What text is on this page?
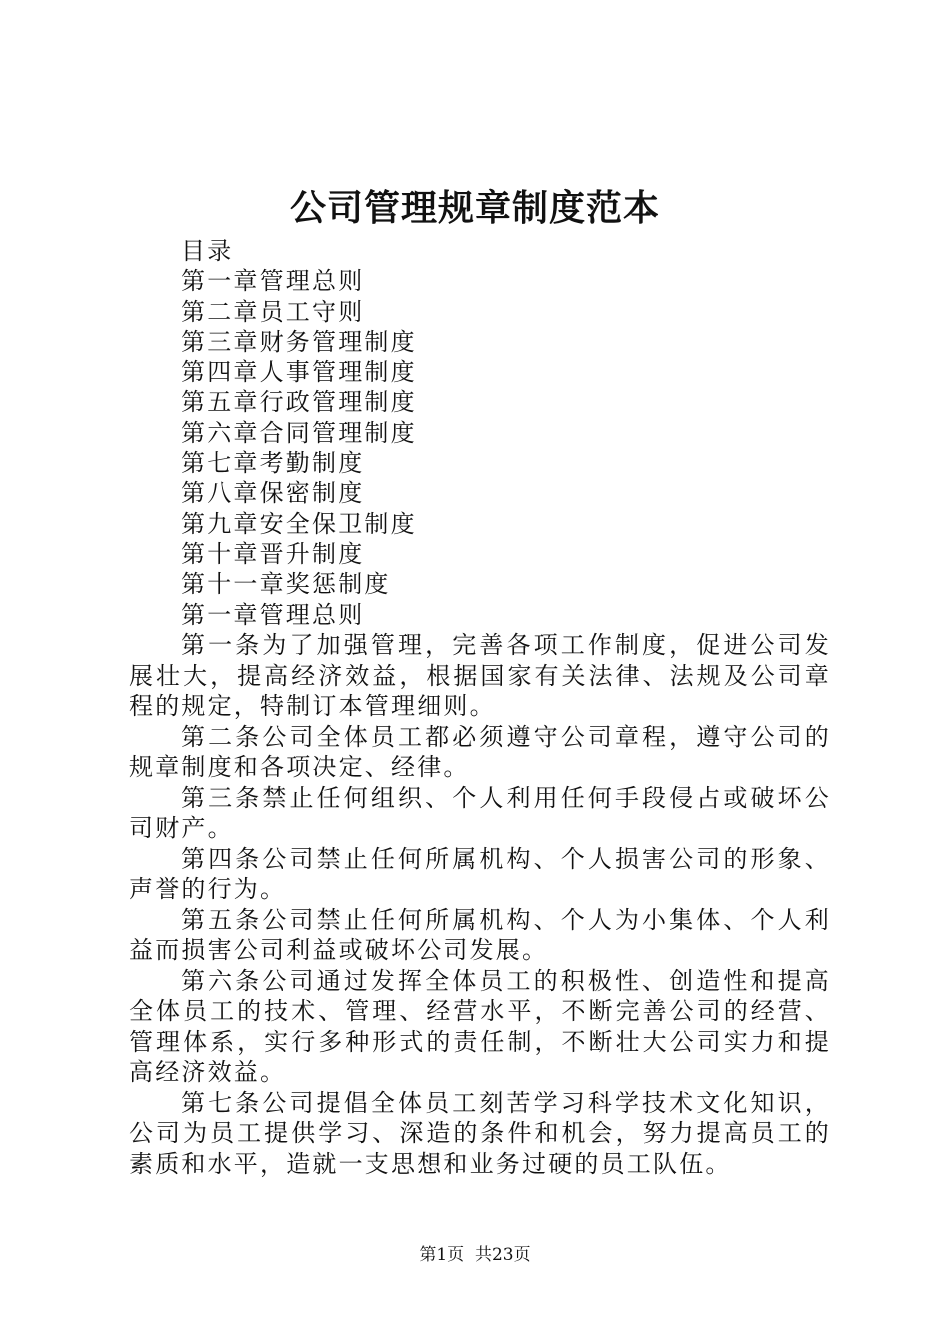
公司管理规章制度范本
目录
第一章管理总则
第二章员工守则
第三章财务管理制度
第四章人事管理制度
第五章行政管理制度
第六章合同管理制度
第七章考勤制度
第八章保密制度
第九章安全保卫制度
第十章晋升制度
第十一章奖惩制度
第一章管理总则

第一条为了加强管理，完善各项工作制度，促进公司发展壮大，提高经济效益，根据国家有关法律、法规及公司章程的规定，特制订本管理细则。

第二条公司全体员工都必须遵守公司章程，遵守公司的规章制度和各项决定、经律。

第三条禁止任何组织、个人利用任何手段侵占或破坏公司财产。

第四条公司禁止任何所属机构、个人损害公司的形象、声誉的行为。

第五条公司禁止任何所属机构、个人为小集体、个人利益而损害公司利益或破坏公司发展。

第六条公司通过发挥全体员工的积极性、创造性和提高全体员工的技术、管理、经营水平，不断完善公司的经营、管理体系，实行多种形式的责任制，不断壮大公司实力和提高经济效益。

第七条公司提倡全体员工刻苦学习科学技术文化知识，公司为员工提供学习、深造的条件和机会，努力提高员工的素质和水平，造就一支思想和业务过硬的员工队伍。

第1页  共23页
